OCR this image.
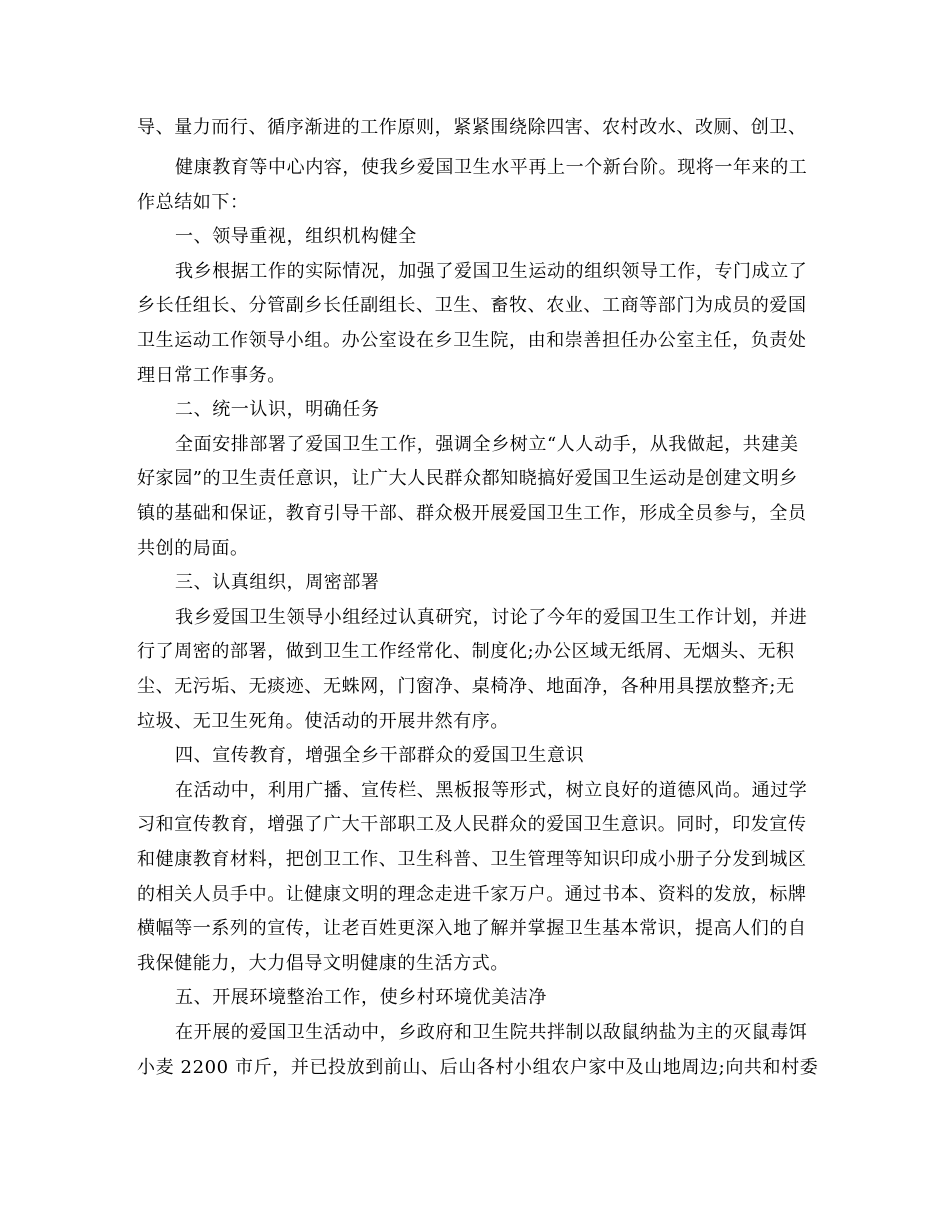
导、量力而行、循序渐进的工作原则，紧紧围绕除四害、农村改水、改厕、创卫、
健康教育等中心内容，使我乡爱国卫生水平再上一个新台阶。现将一年来的工
作总结如下：
一、领导重视，组织机构健全
我乡根据工作的实际情况，加强了爱国卫生运动的组织领导工作，专门成立了
乡长任组长、分管副乡长任副组长、卫生、畜牧、农业、工商等部门为成员的爱国
卫生运动工作领导小组。办公室设在乡卫生院，由和崇善担任办公室主任，负责处
理日常工作事务。
二、统一认识，明确任务
全面安排部署了爱国卫生工作，强调全乡树立“人人动手，从我做起，共建美
好家园”的卫生责任意识，让广大人民群众都知晓搞好爱国卫生运动是创建文明乡
镇的基础和保证，教育引导干部、群众极开展爱国卫生工作，形成全员参与，全员
共创的局面。
三、认真组织，周密部署
我乡爱国卫生领导小组经过认真研究，讨论了今年的爱国卫生工作计划，并进
行了周密的部署，做到卫生工作经常化、制度化;办公区域无纸屑、无烟头、无积
尘、无污垢、无痰迹、无蛛网，门窗净、桌椅净、地面净，各种用具摆放整齐;无
垃圾、无卫生死角。使活动的开展井然有序。
四、宣传教育，增强全乡干部群众的爱国卫生意识
在活动中，利用广播、宣传栏、黑板报等形式，树立良好的道德风尚。通过学
习和宣传教育，增强了广大干部职工及人民群众的爱国卫生意识。同时，印发宣传
和健康教育材料，把创卫工作、卫生科普、卫生管理等知识印成小册子分发到城区
的相关人员手中。让健康文明的理念走进千家万户。通过书本、资料的发放，标牌
横幅等一系列的宣传，让老百姓更深入地了解并掌握卫生基本常识，提高人们的自
我保健能力，大力倡导文明健康的生活方式。
五、开展环境整治工作，使乡村环境优美洁净
在开展的爱国卫生活动中，乡政府和卫生院共拌制以敌鼠纳盐为主的灭鼠毒饵
小麦 2200 市斤，并已投放到前山、后山各村小组农户家中及山地周边;向共和村委
